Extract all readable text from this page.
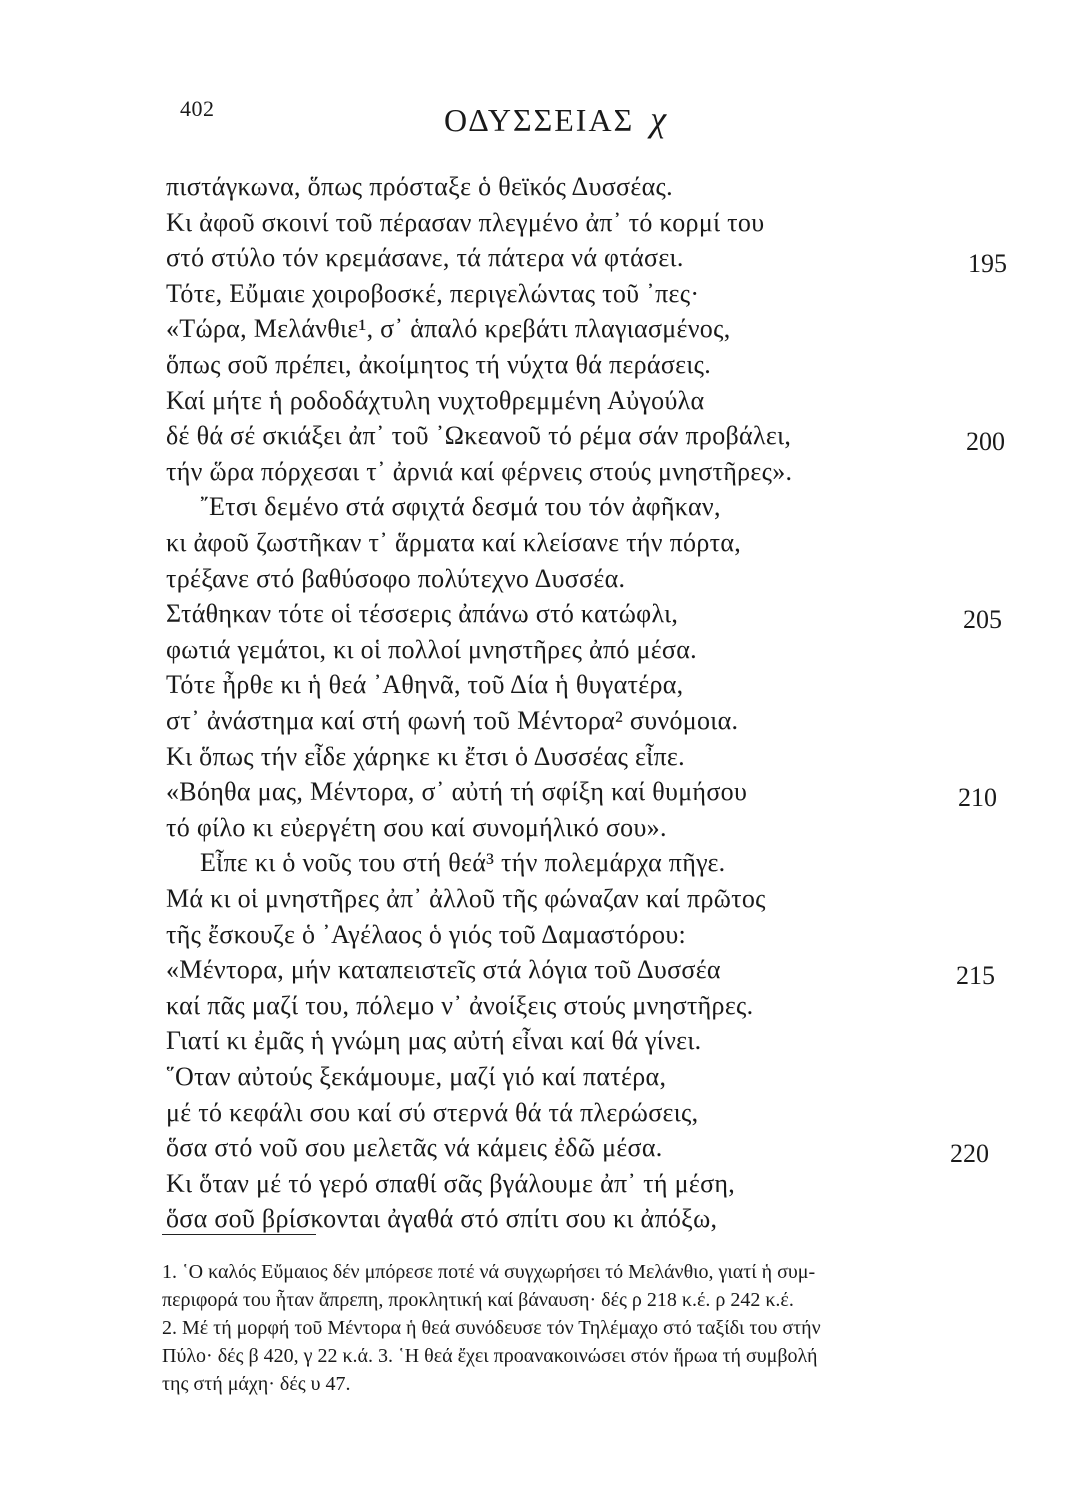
402	ΟΔΥΣΣΕΙΑΣ χ
πιστάγκωνα, ὅπως πρόσταξε ὁ θεϊκός Δυσσέας.
Κι ἀφοῦ σκοινί τοῦ πέρασαν πλεγμένο ἀπ᾽ τό κορμί του
στό στύλο τόν κρεμάσανε, τά πάτερα νά φτάσει.
Τότε, Εὔμαιε χοιροβοσκέ, περιγελώντας τοῦ ᾽πες·
«Τώρα, Μελάνθιε¹, σ᾽ ἁπαλό κρεβάτι πλαγιασμένος,
ὅπως σοῦ πρέπει, ἀκοίμητος τή νύχτα θά περάσεις.
Καί μήτε ἡ ροδοδάχτυλη νυχτοθρεμμένη Αὐγούλα
δέ θά σέ σκιάξει ἀπ᾽ τοῦ ᾿Ωκεανοῦ τό ρέμα σάν προβάλει,
τήν ὥρα πόρχεσαι τ᾽ ἀρνιά καί φέρνεις στούς μνηστῆρες».
῎Ετσι δεμένο στά σφιχτά δεσμά του τόν ἀφῆκαν,
κι ἀφοῦ ζωστῆκαν τ᾽ ἅρματα καί κλείσανε τήν πόρτα,
τρέξανε στό βαθύσοφο πολύτεχνο Δυσσέα.
Στάθηκαν τότε οἱ τέσσερις ἀπάνω στό κατώφλι,
φωτιά γεμάτοι, κι οἱ πολλοί μνηστῆρες ἀπό μέσα.
Τότε ἦρθε κι ἡ θεά ᾿Αθηνᾶ, τοῦ Δία ἡ θυγατέρα,
στ᾽ ἀνάστημα καί στή φωνή τοῦ Μέντορα² συνόμοια.
Κι ὅπως τήν εἶδε χάρηκε κι ἔτσι ὁ Δυσσέας εἶπε.
«Βόηθα μας, Μέντορα, σ᾽ αὐτή τή σφίξη καί θυμήσου
τό φίλο κι εὐεργέτη σου καί συνομήλικό σου».
Εἶπε κι ὁ νοῦς του στή θεά³ τήν πολεμάρχα πῆγε.
Μά κι οἱ μνηστῆρες ἀπ᾽ ἀλλοῦ τῆς φώναζαν καί πρῶτος
τῆς ἔσκουζε ὁ ᾿Αγέλαος ὁ γιός τοῦ Δαμαστόρου:
«Μέντορα, μήν καταπειστεῖς στά λόγια τοῦ Δυσσέα
καί πᾶς μαζί του, πόλεμο ν᾽ ἀνοίξεις στούς μνηστῆρες.
Γιατί κι ἐμᾶς ἡ γνώμη μας αὐτή εἶναι καί θά γίνει.
῞Οταν αὐτούς ξεκάμουμε, μαζί γιό καί πατέρα,
μέ τό κεφάλι σου καί σύ στερνά θά τά πλερώσεις,
ὅσα στό νοῦ σου μελετᾶς νά κάμεις ἐδῶ μέσα.
Κι ὅταν μέ τό γερό σπαθί σᾶς βγάλουμε ἀπ᾽ τή μέση,
ὅσα σοῦ βρίσκονται ἀγαθά στό σπίτι σου κι ἀπόξω,
195
200
205
210
215
220
1. ῾Ο καλός Εὔμαιος δέν μπόρεσε ποτέ νά συγχωρήσει τό Μελάνθιο, γιατί ἡ συμ-
περιφορά του ἦταν ἄπρεπη, προκλητική καί βάναυση· δές ρ 218 κ.έ. ρ 242 κ.έ.
2. Μέ τή μορφή τοῦ Μέντορα ἡ θεά συνόδευσε τόν Τηλέμαχο στό ταξίδι του στήν
Πύλο· δές β 420, γ 22 κ.ά. 3. ῾Η θεά ἔχει προανακοινώσει στόν ἥρωα τή συμβολή
της στή μάχη· δές υ 47.
